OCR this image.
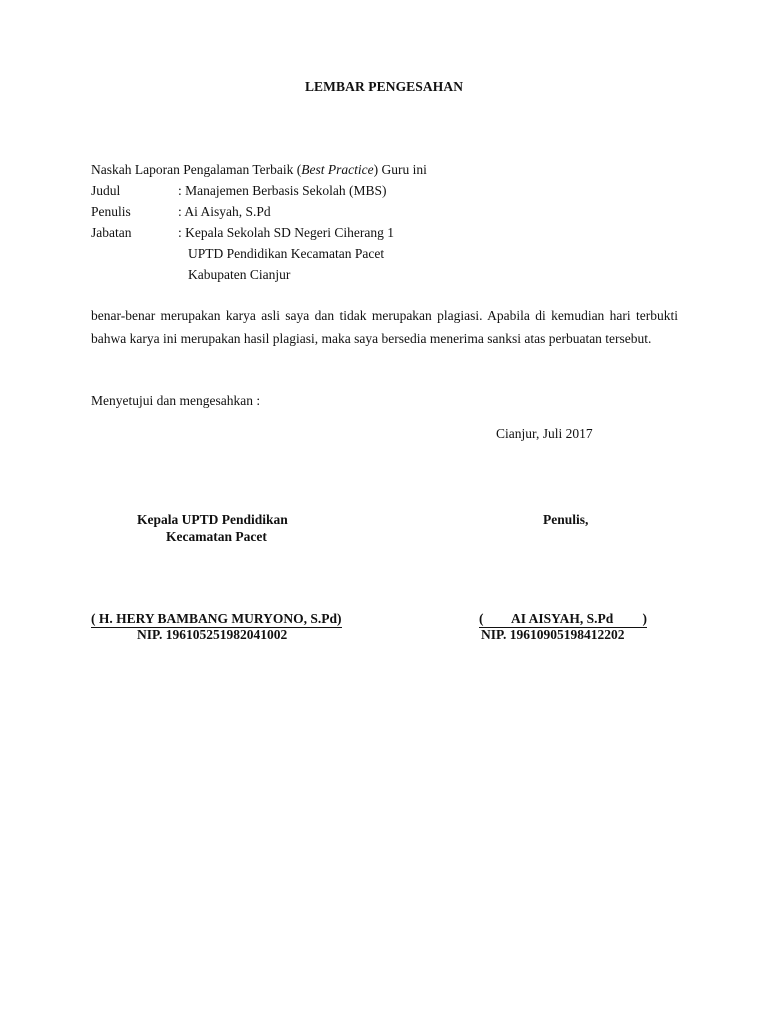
LEMBAR PENGESAHAN
Naskah Laporan Pengalaman Terbaik (Best Practice) Guru ini
Judul	: Manajemen Berbasis Sekolah (MBS)
Penulis	: Ai Aisyah, S.Pd
Jabatan	: Kepala Sekolah SD Negeri Ciherang 1
UPTD Pendidikan Kecamatan Pacet
Kabupaten Cianjur
benar-benar merupakan karya asli saya dan tidak merupakan plagiasi. Apabila di kemudian hari terbukti bahwa karya ini merupakan hasil plagiasi, maka saya bersedia menerima sanksi atas perbuatan tersebut.
Menyetujui dan mengesahkan :
Cianjur, Juli 2017
Kepala UPTD Pendidikan
Kecamatan Pacet
Penulis,
( H. HERY BAMBANG MURYONO, S.Pd)
NIP. 196105251982041002
( AI AISYAH, S.Pd )

NIP. 19610905198412202
